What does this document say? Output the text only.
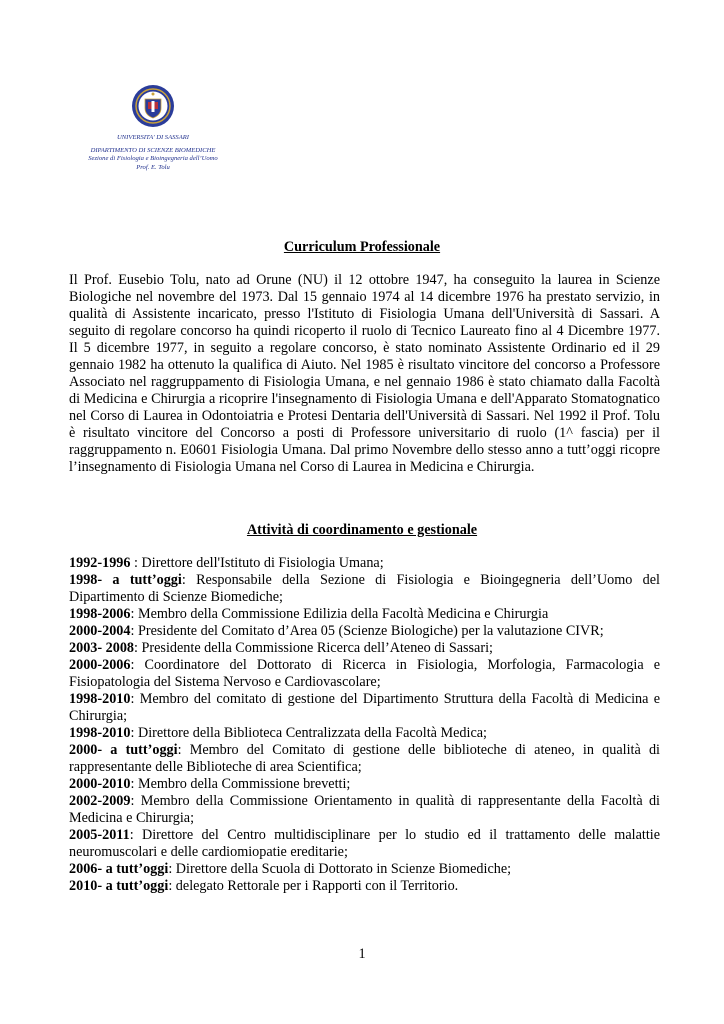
UNIVERSITA' DI SASSARI
DIPARTIMENTO DI SCIENZE BIOMEDICHE
Sezione di Fisiologia e Bioingegneria dell’Uomo
Prof. E. Tolu
Curriculum Professionale
Il Prof. Eusebio Tolu, nato ad Orune (NU) il 12 ottobre 1947, ha conseguito la laurea in Scienze Biologiche nel novembre del 1973. Dal 15 gennaio 1974 al 14 dicembre 1976 ha prestato servizio, in qualità di Assistente incaricato, presso l'Istituto di Fisiologia Umana dell'Università di Sassari. A seguito di regolare concorso ha quindi ricoperto il ruolo di Tecnico Laureato fino al 4 Dicembre 1977. Il 5 dicembre 1977, in seguito a regolare concorso, è stato nominato Assistente Ordinario ed il 29 gennaio 1982 ha ottenuto la qualifica di Aiuto. Nel 1985 è risultato vincitore del concorso a Professore Associato nel raggruppamento di Fisiologia Umana, e nel gennaio 1986 è stato chiamato dalla Facoltà di Medicina e Chirurgia a ricoprire l'insegnamento di Fisiologia Umana e dell'Apparato Stomatognatico nel Corso di Laurea in Odontoiatria e Protesi Dentaria dell'Università di Sassari. Nel 1992 il Prof. Tolu è risultato vincitore del Concorso a posti di Professore universitario di ruolo (1^ fascia) per il raggruppamento n. E0601 Fisiologia Umana. Dal primo Novembre dello stesso anno a tutt’oggi ricopre l’insegnamento di Fisiologia Umana nel Corso di Laurea in Medicina e Chirurgia.
Attività di coordinamento e gestionale
1992-1996 : Direttore dell'Istituto di Fisiologia Umana;
1998- a tutt’oggi: Responsabile della Sezione di Fisiologia e Bioingegneria dell’Uomo del Dipartimento di Scienze Biomediche;
1998-2006: Membro della Commissione Edilizia della Facoltà Medicina e Chirurgia
2000-2004: Presidente del Comitato d’Area 05 (Scienze Biologiche) per la valutazione CIVR;
2003- 2008: Presidente della Commissione Ricerca dell’Ateneo di Sassari;
2000-2006: Coordinatore del Dottorato di Ricerca in Fisiologia, Morfologia, Farmacologia e Fisiopatologia del Sistema Nervoso e Cardiovascolare;
1998-2010: Membro del comitato di gestione del Dipartimento Struttura della Facoltà di Medicina e Chirurgia;
1998-2010: Direttore della Biblioteca Centralizzata della Facoltà Medica;
2000- a tutt’oggi: Membro del Comitato di gestione delle biblioteche di ateneo, in qualità di rappresentante delle Biblioteche di area Scientifica;
2000-2010: Membro della Commissione brevetti;
2002-2009: Membro della Commissione Orientamento in qualità di rappresentante della Facoltà di Medicina e Chirurgia;
2005-2011: Direttore del Centro multidisciplinare per lo studio ed il trattamento delle malattie neuromuscolari e delle cardiomiopatie ereditarie;
2006- a tutt’oggi: Direttore della Scuola di Dottorato in Scienze Biomediche;
2010- a tutt’oggi: delegato Rettorale per i Rapporti con il Territorio.
1
